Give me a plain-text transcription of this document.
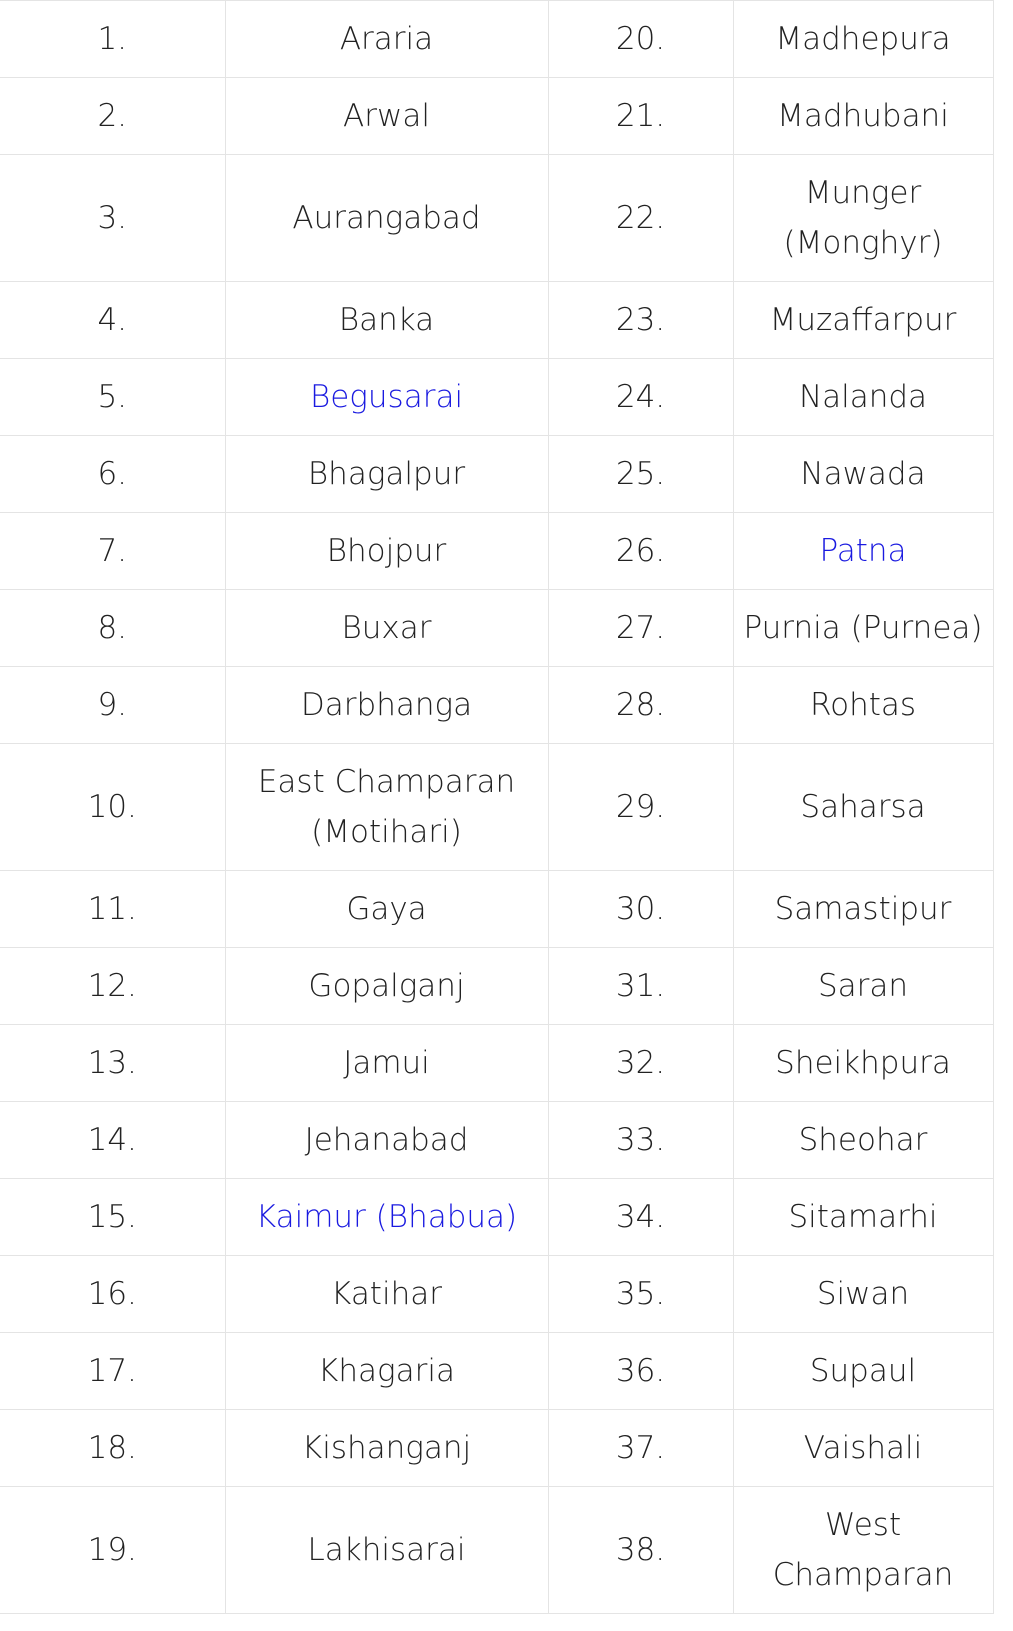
1.	Araria	20.	Madhepura
2.	Arwal	21.	Madhubani
3.	Aurangabad	22.	Munger (Monghyr)
4.	Banka	23.	Muzaffarpur
5.	Begusarai	24.	Nalanda
6.	Bhagalpur	25.	Nawada
7.	Bhojpur	26.	Patna
8.	Buxar	27.	Purnia (Purnea)
9.	Darbhanga	28.	Rohtas
10.	East Champaran (Motihari)	29.	Saharsa
11.	Gaya	30.	Samastipur
12.	Gopalganj	31.	Saran
13.	Jamui	32.	Sheikhpura
14.	Jehanabad	33.	Sheohar
15.	Kaimur (Bhabua)	34.	Sitamarhi
16.	Katihar	35.	Siwan
17.	Khagaria	36.	Supaul
18.	Kishanganj	37.	Vaishali
19.	Lakhisarai	38.	West Champaran
